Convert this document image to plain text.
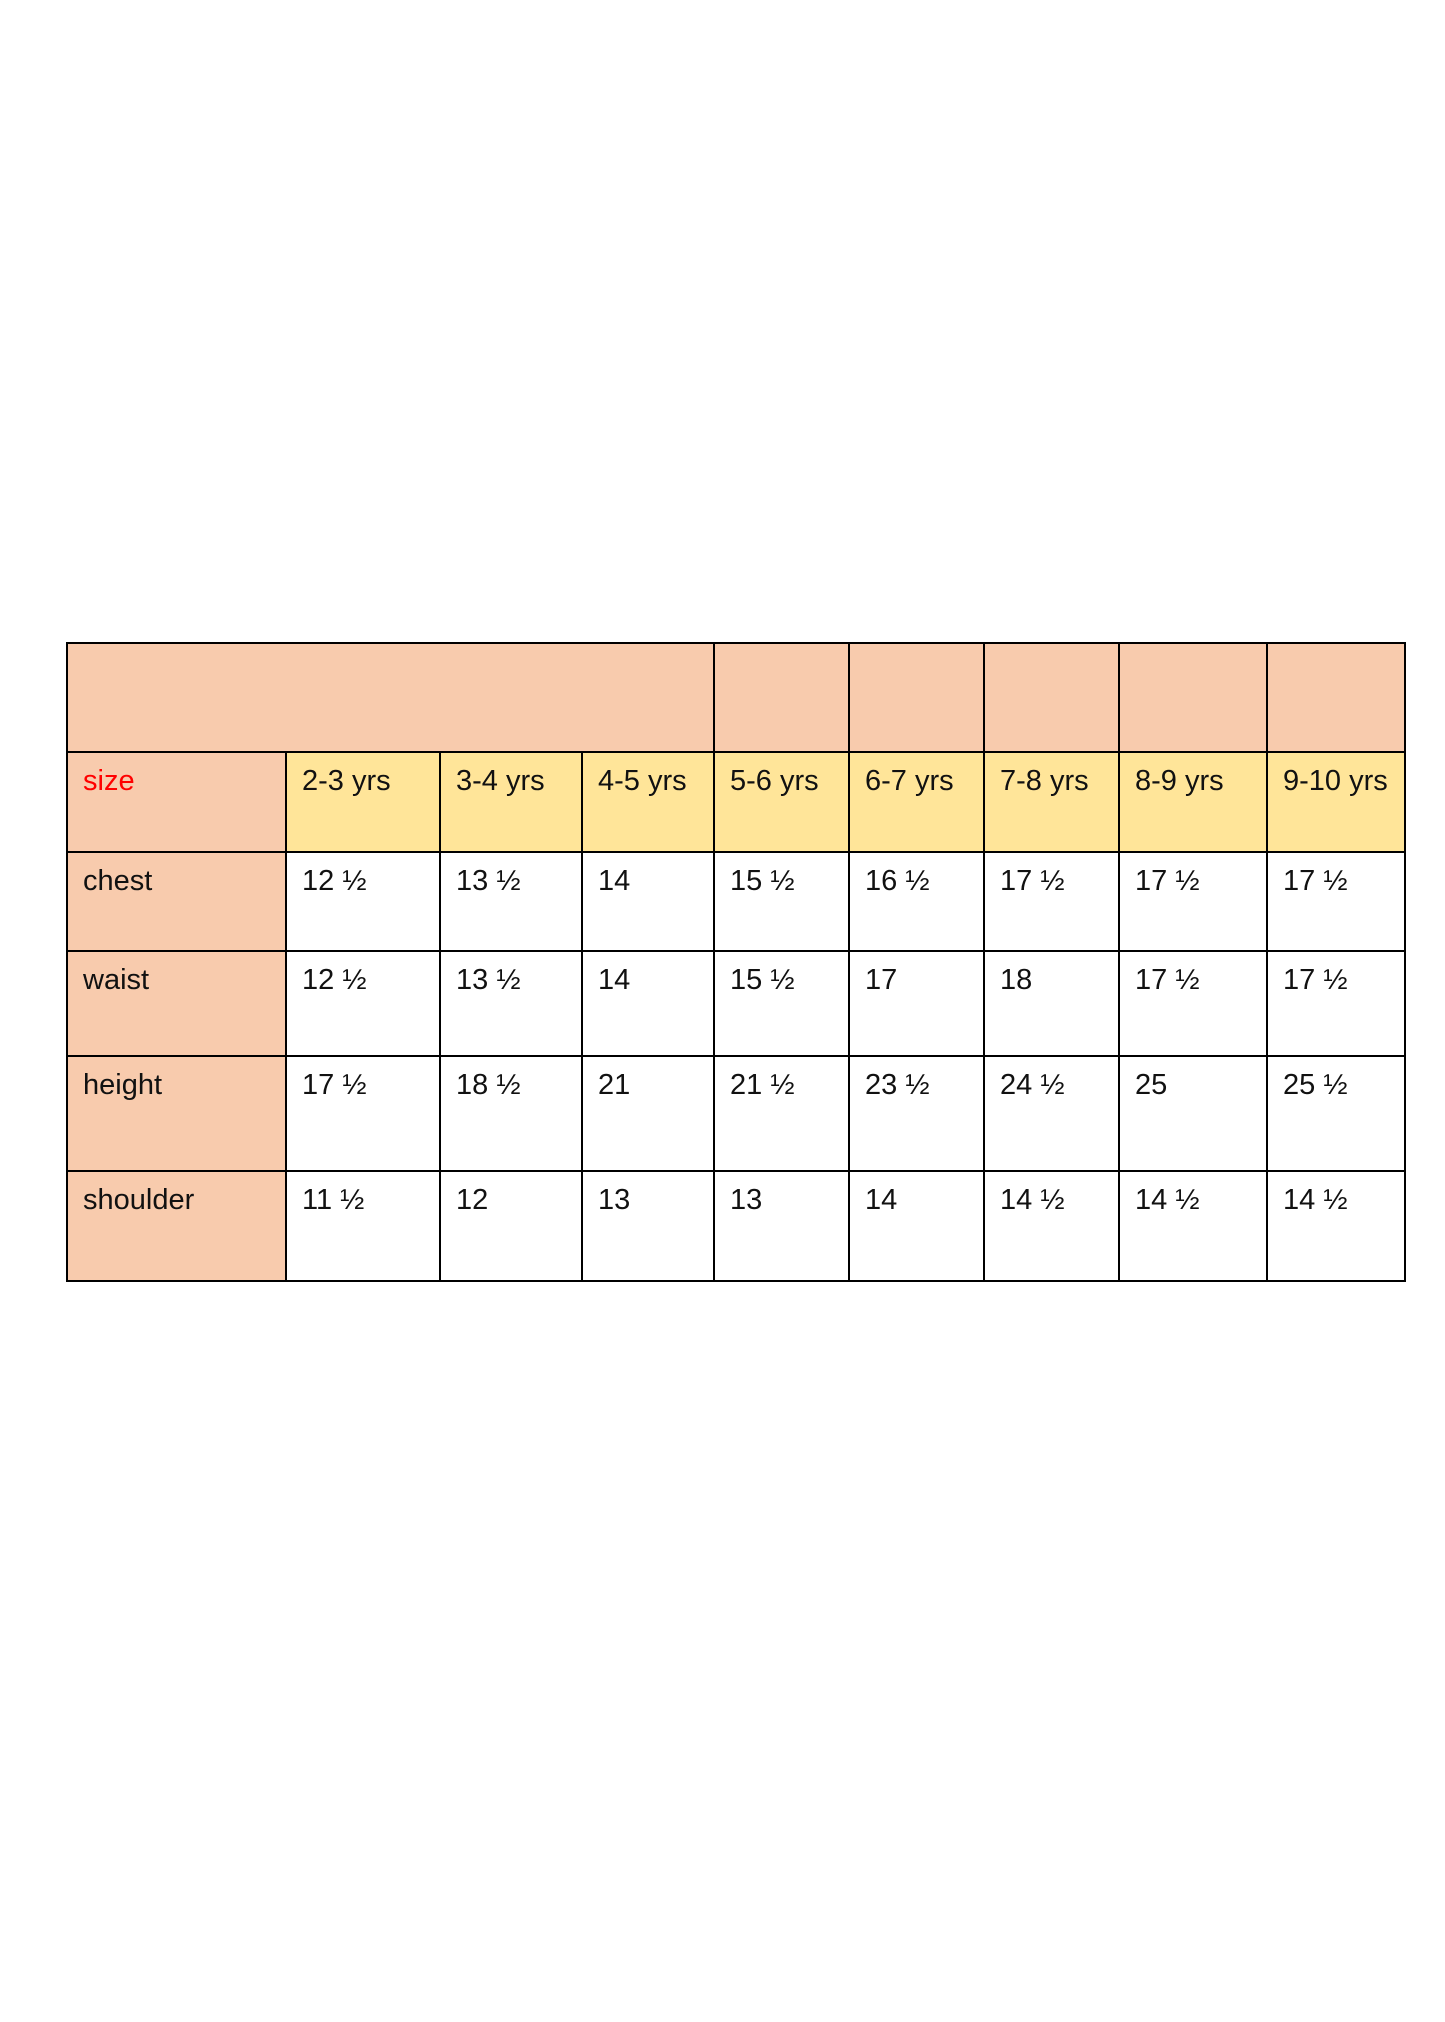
size	2-3 yrs	3-4 yrs	4-5 yrs	5-6 yrs	6-7 yrs	7-8 yrs	8-9 yrs	9-10 yrs
chest	12 ½	13 ½	14	15 ½	16 ½	17 ½	17 ½	17 ½
waist	12 ½	13 ½	14	15 ½	17	18	17 ½	17 ½
height	17 ½	18 ½	21	21 ½	23 ½	24 ½	25	25 ½
shoulder	11 ½	12	13	13	14	14 ½	14 ½	14 ½
